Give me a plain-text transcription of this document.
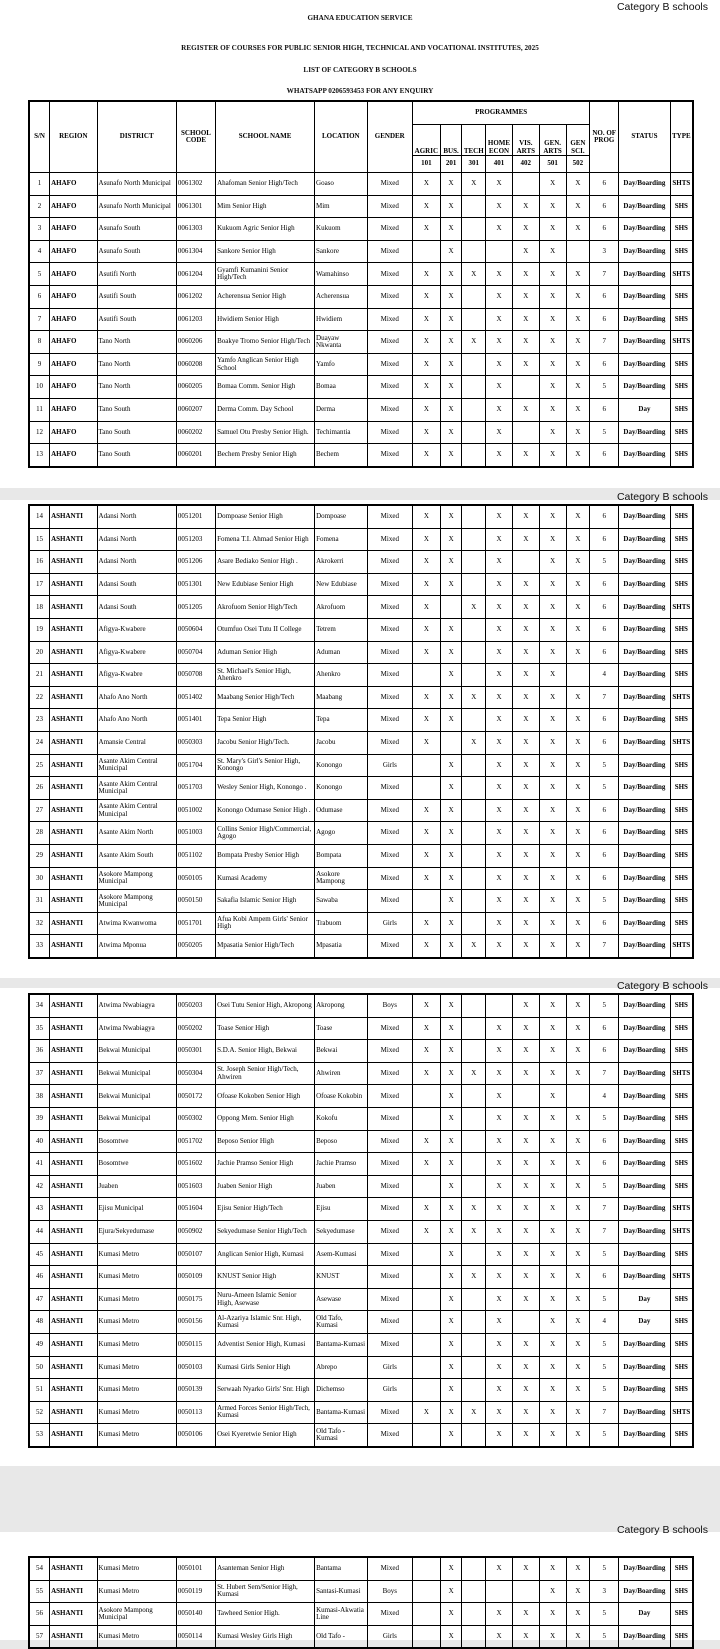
Category B schools
GHANA EDUCATION SERVICE
REGISTER OF COURSES FOR PUBLIC SENIOR HIGH, TECHNICAL AND VOCATIONAL INSTITUTES, 2025
LIST OF CATEGORY B SCHOOLS
WHATSAPP 0206593453 FOR ANY ENQUIRY
S/N	REGION	DISTRICT	SCHOOL CODE	SCHOOL NAME	LOCATION	GENDER	PROGRAMMES							NO. OF PROG	STATUS	TYPE
							AGRIC	BUS.	TECH	HOME ECON	VIS. ARTS	GEN. ARTS	GEN SCI.			
							101	201	301	401	402	501	502			
1	AHAFO	Asunafo North Municipal	0061302	Ahafoman Senior High/Tech	Goaso	Mixed	X	X	X	X		X	X	6	Day/Boarding	SHTS
2	AHAFO	Asunafo North Municipal	0061301	Mim Senior High	Mim	Mixed	X	X		X	X	X	X	6	Day/Boarding	SHS
3	AHAFO	Asunafo South	0061303	Kukuom Agric Senior High	Kukuom	Mixed	X	X		X	X	X	X	6	Day/Boarding	SHS
4	AHAFO	Asunafo South	0061304	Sankore Senior High	Sankore	Mixed		X			X	X		3	Day/Boarding	SHS
5	AHAFO	Asutifi North	0061204	Gyamfi Kumanini Senior High/Tech	Wamahinso	Mixed	X	X	X	X	X	X	X	7	Day/Boarding	SHTS
6	AHAFO	Asutifi South	0061202	Acherensua Senior High	Acherensua	Mixed	X	X		X	X	X	X	6	Day/Boarding	SHS
7	AHAFO	Asutifi South	0061203	Hwidiem Senior High	Hwidiem	Mixed	X	X		X	X	X	X	6	Day/Boarding	SHS
8	AHAFO	Tano North	0060206	Boakye Tromo Senior High/Tech	Duayaw Nkwanta	Mixed	X	X	X	X	X	X	X	7	Day/Boarding	SHTS
9	AHAFO	Tano North	0060208	Yamfo Anglican Senior High School	Yamfo	Mixed	X	X		X	X	X	X	6	Day/Boarding	SHS
10	AHAFO	Tano North	0060205	Bomaa Comm. Senior High	Bomaa	Mixed	X	X		X		X	X	5	Day/Boarding	SHS
11	AHAFO	Tano South	0060207	Derma Comm. Day School	Derma	Mixed	X	X		X	X	X	X	6	Day	SHS
12	AHAFO	Tano South	0060202	Samuel Otu Presby Senior High.	Techimantia	Mixed	X	X		X		X	X	5	Day/Boarding	SHS
13	AHAFO	Tano South	0060201	Bechem Presby Senior High	Bechem	Mixed	X	X		X	X	X	X	6	Day/Boarding	SHS
Category B schools
14	ASHANTI	Adansi North	0051201	Dompoase Senior High	Dompoase	Mixed	X	X		X	X	X	X	6	Day/Boarding	SHS
15	ASHANTI	Adansi North	0051203	Fomena T.I. Ahmad Senior High	Fomena	Mixed	X	X		X	X	X	X	6	Day/Boarding	SHS
16	ASHANTI	Adansi North	0051206	Asare Bediako Senior High .	Akrokerri	Mixed	X	X		X		X	X	5	Day/Boarding	SHS
17	ASHANTI	Adansi South	0051301	New Edubiase Senior High	New Edubiase	Mixed	X	X		X	X	X	X	6	Day/Boarding	SHS
18	ASHANTI	Adansi South	0051205	Akrofuom Senior High/Tech	Akrofuom	Mixed	X		X	X	X	X	X	6	Day/Boarding	SHTS
19	ASHANTI	Afigya-Kwabere	0050604	Otumfuo Osei Tutu II College	Tetrem	Mixed	X	X		X	X	X	X	6	Day/Boarding	SHS
20	ASHANTI	Afigya-Kwabere	0050704	Aduman Senior High	Aduman	Mixed	X	X		X	X	X	X	6	Day/Boarding	SHS
21	ASHANTI	Afigya-Kwabre	0050708	St. Michael's Senior High, Ahenkro	Ahenkro	Mixed		X		X	X	X		4	Day/Boarding	SHS
22	ASHANTI	Ahafo Ano North	0051402	Maabang Senior High/Tech	Maabang	Mixed	X	X	X	X	X	X	X	7	Day/Boarding	SHTS
23	ASHANTI	Ahafo Ano North	0051401	Tepa Senior High	Tepa	Mixed	X	X		X	X	X	X	6	Day/Boarding	SHS
24	ASHANTI	Amansie Central	0050303	Jacobu Senior High/Tech.	Jacobu	Mixed	X		X	X	X	X	X	6	Day/Boarding	SHTS
25	ASHANTI	Asante Akim Central Municipal	0051704	St. Mary's Girl's Senior High, Konongo	Konongo	Girls		X		X	X	X	X	5	Day/Boarding	SHS
26	ASHANTI	Asante Akim Central Municipal	0051703	Wesley Senior High, Konongo .	Konongo	Mixed		X		X	X	X	X	5	Day/Boarding	SHS
27	ASHANTI	Asante Akim Central Municipal	0051002	Konongo Odumase Senior High .	Odumase	Mixed	X	X		X	X	X	X	6	Day/Boarding	SHS
28	ASHANTI	Asante Akim North	0051003	Collins Senior High/Commercial, Agogo	Agogo	Mixed	X	X		X	X	X	X	6	Day/Boarding	SHS
29	ASHANTI	Asante Akim South	0051102	Bompata Presby Senior High	Bompata	Mixed	X	X		X	X	X	X	6	Day/Boarding	SHS
30	ASHANTI	Asokore Mampong Municipal	0050105	Kumasi Academy	Asokore Mampong	Mixed	X	X		X	X	X	X	6	Day/Boarding	SHS
31	ASHANTI	Asokore Mampong Municipal	0050150	Sakafia Islamic Senior High	Sawaba	Mixed		X		X	X	X	X	5	Day/Boarding	SHS
32	ASHANTI	Atwima Kwanwoma	0051701	Afua Kobi Ampem Girls' Senior High	Trabuom	Girls	X	X		X	X	X	X	6	Day/Boarding	SHS
33	ASHANTI	Atwima Mponua	0050205	Mpasatia Senior High/Tech	Mpasatia	Mixed	X	X	X	X	X	X	X	7	Day/Boarding	SHTS
Category B schools
34	ASHANTI	Atwima Nwabiagya	0050203	Osei Tutu Senior High, Akropong	Akropong	Boys	X	X			X	X	X	5	Day/Boarding	SHS
35	ASHANTI	Atwima Nwabiagya	0050202	Toase Senior High	Toase	Mixed	X	X		X	X	X	X	6	Day/Boarding	SHS
36	ASHANTI	Bekwai Municipal	0050301	S.D.A. Senior High, Bekwai	Bekwai	Mixed	X	X		X	X	X	X	6	Day/Boarding	SHS
37	ASHANTI	Bekwai Municipal	0050304	St. Joseph Senior High/Tech, Ahwiren	Ahwiren	Mixed	X	X	X	X	X	X	X	7	Day/Boarding	SHTS
38	ASHANTI	Bekwai Municipal	0050172	Ofoase Kokoben Senior High	Ofoase Kokobin	Mixed		X		X		X		4	Day/Boarding	SHS
39	ASHANTI	Bekwai Municipal	0050302	Oppong Mem. Senior High	Kokofu	Mixed		X		X	X	X	X	5	Day/Boarding	SHS
40	ASHANTI	Bosomtwe	0051702	Beposo Senior High	Beposo	Mixed	X	X		X	X	X	X	6	Day/Boarding	SHS
41	ASHANTI	Bosomtwe	0051602	Jachie Pramso Senior High	Jachie Pramso	Mixed	X	X		X	X	X	X	6	Day/Boarding	SHS
42	ASHANTI	Juaben	0051603	Juaben Senior High	Juaben	Mixed		X		X	X	X	X	5	Day/Boarding	SHS
43	ASHANTI	Ejisu Municipal	0051604	Ejisu Senior High/Tech	Ejisu	Mixed	X	X	X	X	X	X	X	7	Day/Boarding	SHTS
44	ASHANTI	Ejura/Sekyedumase	0050902	Sekyedumase Senior High/Tech	Sekyedumase	Mixed	X	X	X	X	X	X	X	7	Day/Boarding	SHTS
45	ASHANTI	Kumasi Metro	0050107	Anglican Senior High, Kumasi	Asem-Kumasi	Mixed		X		X	X	X	X	5	Day/Boarding	SHS
46	ASHANTI	Kumasi Metro	0050109	KNUST Senior High	KNUST	Mixed		X	X	X	X	X	X	6	Day/Boarding	SHTS
47	ASHANTI	Kumasi Metro	0050175	Nuru-Ameen Islamic Senior High, Asewase	Asewase	Mixed		X		X	X	X	X	5	Day	SHS
48	ASHANTI	Kumasi Metro	0050156	Al-Azariya Islamic Snr. High, Kumasi	Old Tafo, Kumasi	Mixed		X		X		X	X	4	Day	SHS
49	ASHANTI	Kumasi Metro	0050115	Adventist Senior High, Kumasi	Bantama-Kumasi	Mixed		X		X	X	X	X	5	Day/Boarding	SHS
50	ASHANTI	Kumasi Metro	0050103	Kumasi Girls Senior High	Abrepo	Girls		X		X	X	X	X	5	Day/Boarding	SHS
51	ASHANTI	Kumasi Metro	0050139	Serwaah Nyarko Girls' Snr. High	Dichemso	Girls		X		X	X	X	X	5	Day/Boarding	SHS
52	ASHANTI	Kumasi Metro	0050113	Armed Forces Senior High/Tech, Kumasi	Bantama-Kumasi	Mixed	X	X	X	X	X	X	X	7	Day/Boarding	SHTS
53	ASHANTI	Kumasi Metro	0050106	Osei Kyeretwie Senior High	Old Tafo - Kumasi	Mixed		X		X	X	X	X	5	Day/Boarding	SHS
Category B schools
54	ASHANTI	Kumasi Metro	0050101	Asanteman Senior High	Bantama	Mixed		X		X	X	X	X	5	Day/Boarding	SHS
55	ASHANTI	Kumasi Metro	0050119	St. Hubert Sem/Senior High, Kumasi	Santasi-Kumasi	Boys		X				X	X	3	Day/Boarding	SHS
56	ASHANTI	Asokore Mampong Municipal	0050140	Tawheed Senior High.	Kumasi-Akwatia Line	Mixed		X		X	X	X	X	5	Day	SHS
57	ASHANTI	Kumasi Metro	0050114	Kumasi Wesley Girls High	Old Tafo -	Girls		X		X	X	X	X	5	Day/Boarding	SHS
